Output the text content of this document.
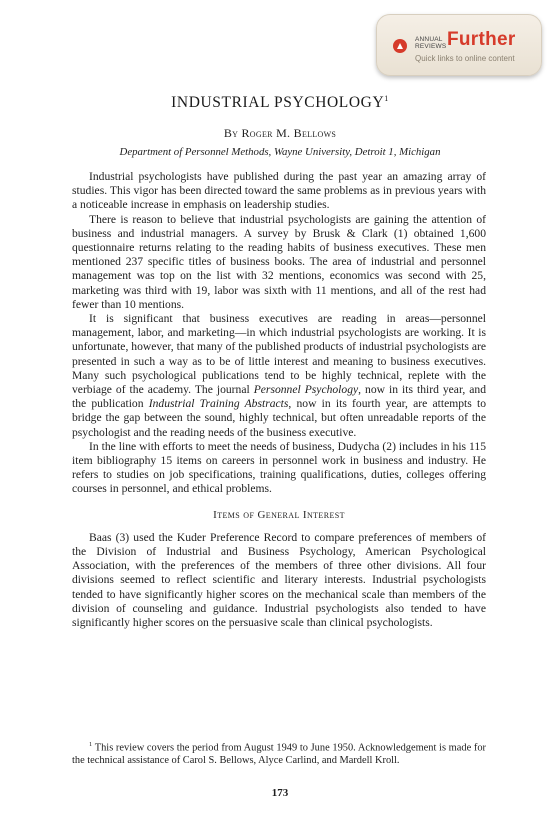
ANNUAL
REVIEWS Further
Quick links to online content
INDUSTRIAL PSYCHOLOGY$^1$
By Roger M. Bellows
Department of Personnel Methods, Wayne University, Detroit 1, Michigan

Industrial psychologists have published during the past year an amazing array of studies. This vigor has been directed toward the same problems as in previous years with a noticeable increase in emphasis on leadership studies.

There is reason to believe that industrial psychologists are gaining the attention of business and industrial managers. A survey by Brusk & Clark (1) obtained 1,600 questionnaire returns relating to the reading habits of business executives. These men mentioned 237 specific titles of business books. The area of industrial and personnel management was top on the list with 32 mentions, economics was second with 25, marketing was third with 19, labor was sixth with 11 mentions, and all of the rest had fewer than 10 mentions.

It is significant that business executives are reading in areas—personnel management, labor, and marketing—in which industrial psychologists are working. It is unfortunate, however, that many of the published products of industrial psychologists are presented in such a way as to be of little interest and meaning to business executives. Many such psychological publications tend to be highly technical, replete with the verbiage of the academy. The journal Personnel Psychology, now in its third year, and the publication Industrial Training Abstracts, now in its fourth year, are attempts to bridge the gap between the sound, highly technical, but often unreadable reports of the psychologist and the reading needs of the business executive.

In the line with efforts to meet the needs of business, Dudycha (2) includes in his 115 item bibliography 15 items on careers in personnel work in business and industry. He refers to studies on job specifications, training qualifications, duties, colleges offering courses in personnel, and ethical problems.

Items of General Interest

Baas (3) used the Kuder Preference Record to compare preferences of members of the Division of Industrial and Business Psychology, American Psychological Association, with the preferences of the members of three other divisions. All four divisions seemed to reflect scientific and literary interests. Industrial psychologists tended to have significantly higher scores on the mechanical scale than members of the division of counseling and guidance. Industrial psychologists also tended to have significantly higher scores on the persuasive scale than clinical psychologists.

$^1$ This review covers the period from August 1949 to June 1950. Acknowledgement is made for the technical assistance of Carol S. Bellows, Alyce Carlind, and Mardell Kroll.
173
